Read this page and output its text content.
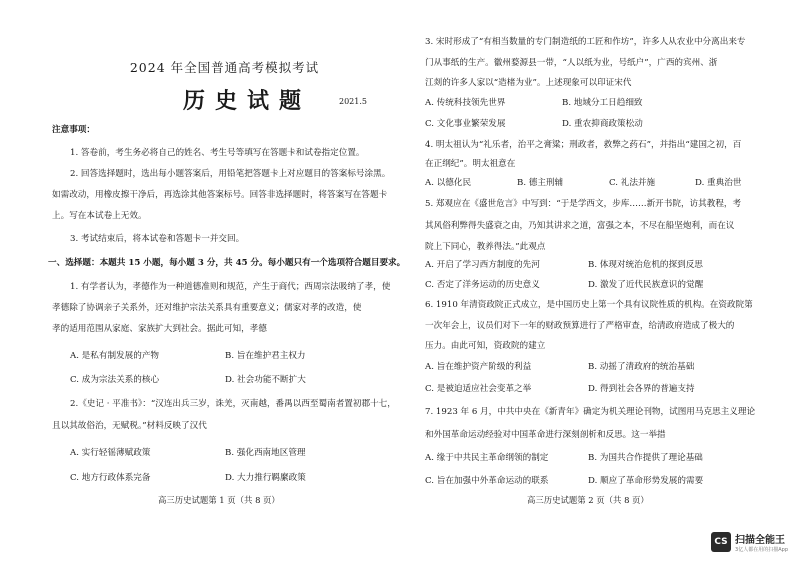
2024 年全国普通高考模拟考试
历史试题	2021.5
注意事项：
1. 答卷前，考生务必将自己的姓名、考生号等填写在答题卡和试卷指定位置。
2. 回答选择题时，选出每小题答案后，用铅笔把答题卡上对应题目的答案标号涂黑。
如需改动，用橡皮擦干净后，再选涂其他答案标号。回答非选择题时，将答案写在答题卡
上。写在本试卷上无效。
3. 考试结束后，将本试卷和答题卡一并交回。
一、选择题：本题共 15 小题，每小题 3 分，共 45 分。每小题只有一个选项符合题目要求。
1. 有学者认为，孝德作为一种道德准则和规范，产生于商代；西周宗法吸纳了孝，使
孝德除了协调亲子关系外，还对维护宗法关系具有重要意义；儒家对孝的改造，使
孝的适用范围从家庭、家族扩大到社会。据此可知，孝德
A. 是私有制发展的产物	B. 旨在维护君主权力
C. 成为宗法关系的核心	D. 社会功能不断扩大
2.《史记 · 平准书》：“汉连出兵三岁，诛羌，灭南越，番禺以西至蜀南者置初郡十七，
且以其故俗治，无赋税。”材料反映了汉代
A. 实行轻徭薄赋政策	B. 强化西南地区管理
C. 地方行政体系完备	D. 大力推行羁縻政策
高三历史试题第 1 页（共 8 页）
3. 宋时形成了“有相当数量的专门制造纸的工匠和作坊”，许多人从农业中分离出来专
门从事纸的生产。徽州婺源县一带，“人以纸为业，号纸户”，广西的宾州、浙
江剡的许多人家以“造楮为业”。上述现象可以印证宋代
A. 传统科技领先世界	B. 地域分工日趋细致
C. 文化事业繁荣发展	D. 重农抑商政策松动
4. 明太祖认为“礼乐者，治平之膏粱；刑政者，救弊之药石”，并指出“建国之初，百
在正纲纪”。明太祖意在
A. 以德化民	B. 德主刑辅	C. 礼法并施	D. 重典治世
5. 郑观应在《盛世危言》中写到：“于是学西文，步库……新开书院，访其教程，考
其风俗利弊得失盛衰之由，乃知其讲求之道，富强之本，不尽在船坚炮利，而在议
院上下同心，教养得法。”此观点
A. 开启了学习西方制度的先河	B. 体现对统治危机的探到反思
C. 否定了洋务运动的历史意义	D. 激发了近代民族意识的觉醒
6. 1910 年清资政院正式成立，是中国历史上第一个具有议院性质的机构。在资政院第
一次年会上，议员们对下一年的财政预算进行了严格审查，给清政府造成了极大的
压力。由此可知，资政院的建立
A. 旨在维护资产阶级的利益	B. 动摇了清政府的统治基础
C. 是被迫适应社会变革之举	D. 得到社会各界的普遍支持
7. 1923 年 6 月，中共中央在《新青年》确定为机关理论刊物，试图用马克思主义理论
和外国革命运动经验对中国革命进行深刻剖析和反思。这一举措
A. 缘于中共民主革命纲领的制定	B. 为国共合作提供了理论基础
C. 旨在加强中外革命运动的联系	D. 顺应了革命形势发展的需要
高三历史试题第 2 页（共 8 页）
CS 扫描全能王
3亿人都在用的扫描App
